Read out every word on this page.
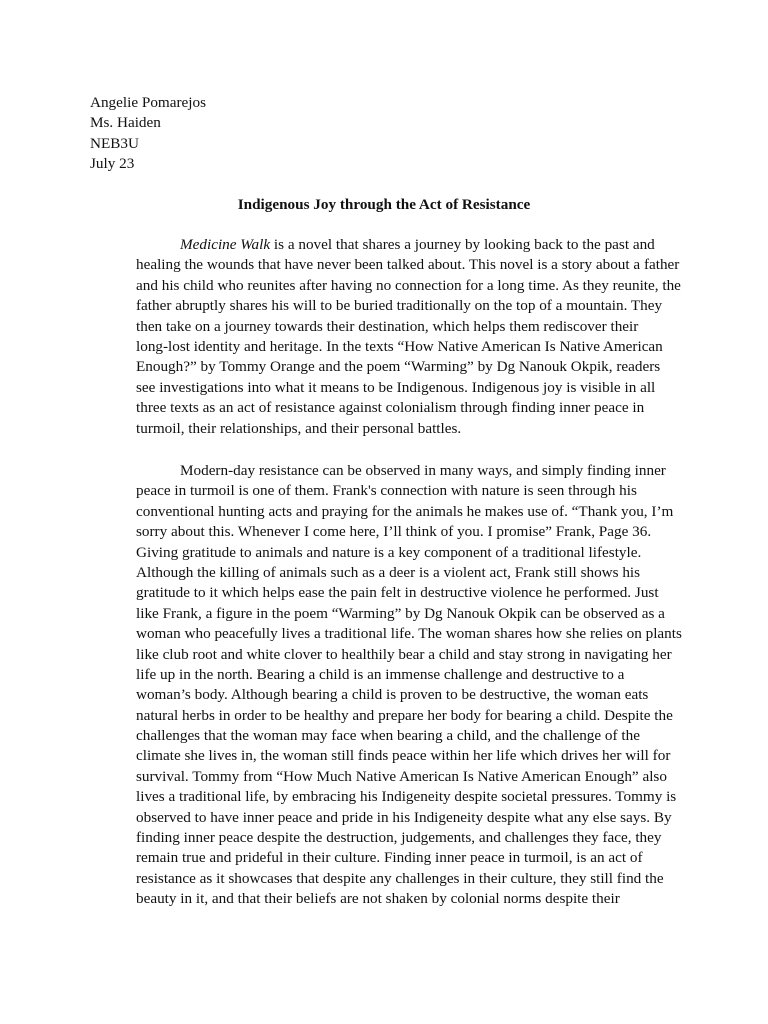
Angelie Pomarejos
Ms. Haiden
NEB3U
July 23
Indigenous Joy through the Act of Resistance
Medicine Walk is a novel that shares a journey by looking back to the past and
healing the wounds that have never been talked about. This novel is a story about a father
and his child who reunites after having no connection for a long time. As they reunite, the
father abruptly shares his will to be buried traditionally on the top of a mountain. They
then take on a journey towards their destination, which helps them rediscover their
long-lost identity and heritage. In the texts “How Native American Is Native American
Enough?” by Tommy Orange and the poem “Warming” by Dg Nanouk Okpik, readers
see investigations into what it means to be Indigenous. Indigenous joy is visible in all
three texts as an act of resistance against colonialism through finding inner peace in
turmoil, their relationships, and their personal battles.
Modern-day resistance can be observed in many ways, and simply finding inner
peace in turmoil is one of them. Frank's connection with nature is seen through his
conventional hunting acts and praying for the animals he makes use of. “Thank you, I’m
sorry about this. Whenever I come here, I’ll think of you. I promise” Frank, Page 36.
Giving gratitude to animals and nature is a key component of a traditional lifestyle.
Although the killing of animals such as a deer is a violent act, Frank still shows his
gratitude to it which helps ease the pain felt in destructive violence he performed. Just
like Frank, a figure in the poem “Warming” by Dg Nanouk Okpik can be observed as a
woman who peacefully lives a traditional life. The woman shares how she relies on plants
like club root and white clover to healthily bear a child and stay strong in navigating her
life up in the north. Bearing a child is an immense challenge and destructive to a
woman’s body. Although bearing a child is proven to be destructive, the woman eats
natural herbs in order to be healthy and prepare her body for bearing a child. Despite the
challenges that the woman may face when bearing a child, and the challenge of the
climate she lives in, the woman still finds peace within her life which drives her will for
survival. Tommy from “How Much Native American Is Native American Enough” also
lives a traditional life, by embracing his Indigeneity despite societal pressures. Tommy is
observed to have inner peace and pride in his Indigeneity despite what any else says. By
finding inner peace despite the destruction, judgements, and challenges they face, they
remain true and prideful in their culture. Finding inner peace in turmoil, is an act of
resistance as it showcases that despite any challenges in their culture, they still find the
beauty in it, and that their beliefs are not shaken by colonial norms despite their
